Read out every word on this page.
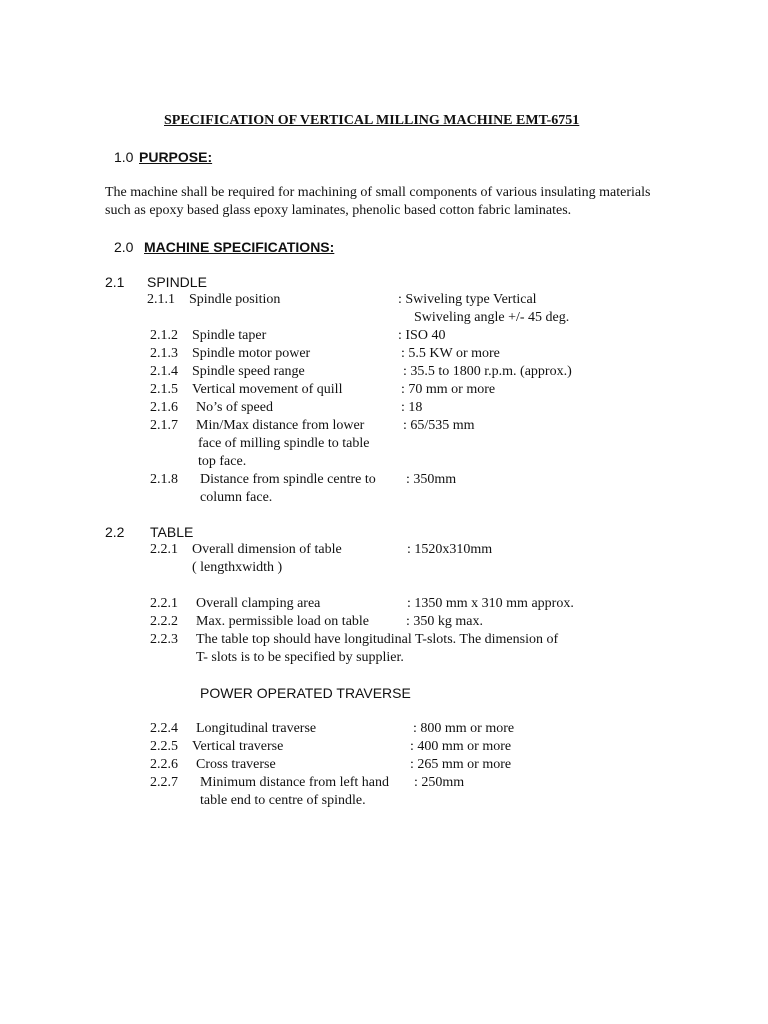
SPECIFICATION OF VERTICAL MILLING MACHINE EMT-6751
1.0 PURPOSE:
The machine shall be required for machining of small components of various insulating materials
such as epoxy based glass epoxy laminates, phenolic based cotton fabric laminates.
2.0 MACHINE SPECIFICATIONS:
2.1 SPINDLE
2.1.1 Spindle position	: Swiveling type Vertical
Swiveling angle +/- 45 deg.
2.1.2 Spindle taper	: ISO 40
2.1.3 Spindle motor power	: 5.5 KW or more
2.1.4 Spindle speed range	: 35.5 to 1800 r.p.m. (approx.)
2.1.5 Vertical movement of quill	: 70 mm or more
2.1.6 No’s of speed	: 18
2.1.7 Min/Max distance from lower
face of milling spindle to table
top face.
: 65/535 mm
2.1.8 Distance from spindle centre to
column face.
: 350mm
2.2 TABLE
2.2.1 Overall dimension of table
( lengthxwidth )
: 1520x310mm
2.2.1 Overall clamping area	: 1350 mm x 310 mm approx.
2.2.2 Max. permissible load on table	: 350 kg max.
2.2.3 The table top should have longitudinal T-slots. The dimension of
T- slots is to be specified by supplier.
POWER OPERATED TRAVERSE
2.2.4 Longitudinal traverse	: 800 mm or more
2.2.5 Vertical traverse	: 400 mm or more
2.2.6 Cross traverse	: 265 mm or more
2.2.7 Minimum distance from left hand
table end to centre of spindle.
: 250mm
